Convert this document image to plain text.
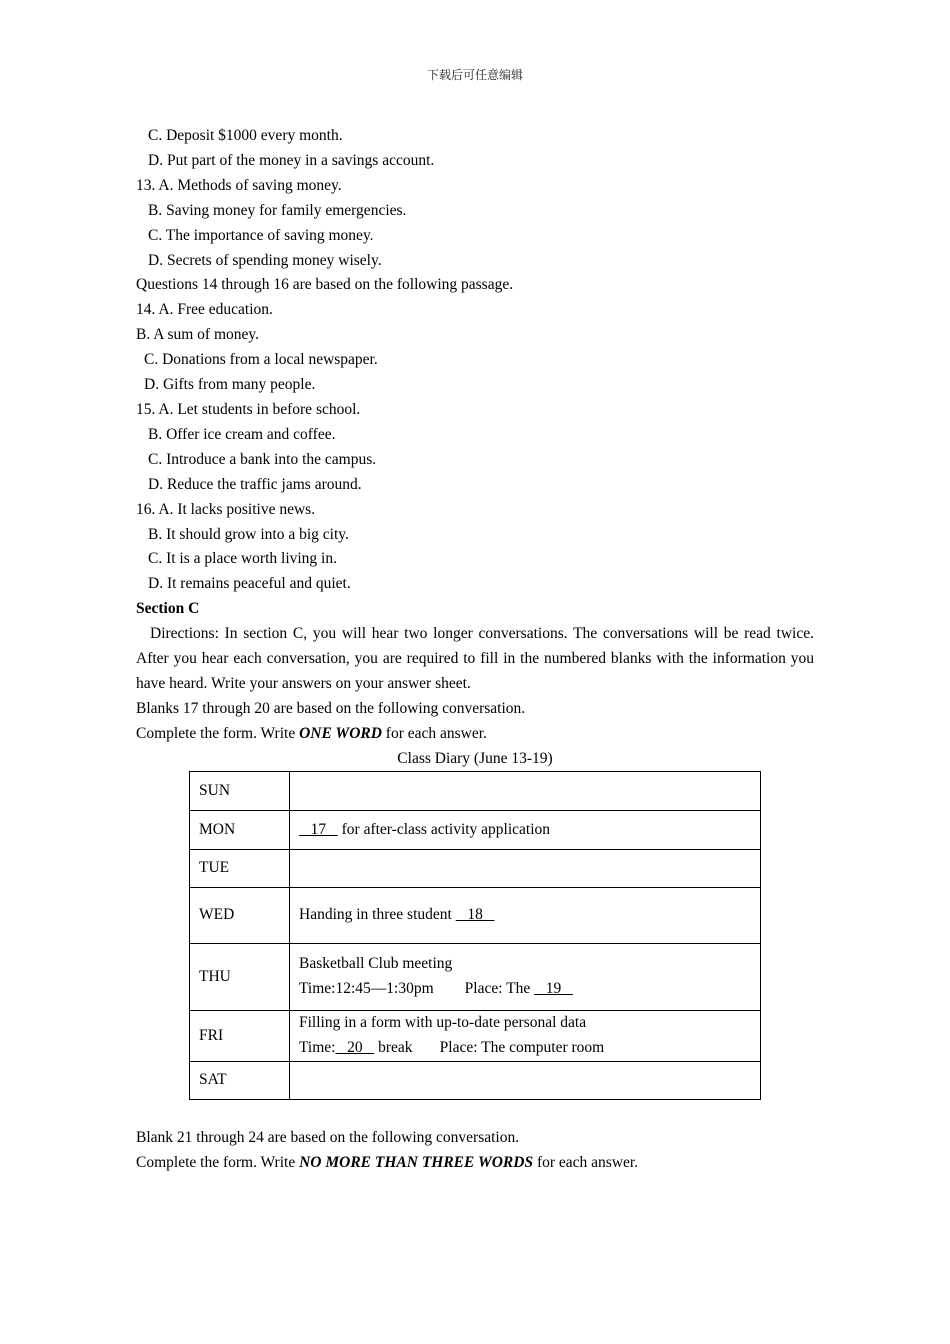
下载后可任意编辑
C. Deposit $1000 every month.
D. Put part of the money in a savings account.
13. A. Methods of saving money.
B. Saving money for family emergencies.
C. The importance of saving money.
D. Secrets of spending money wisely.
Questions 14 through 16 are based on the following passage.
14. A. Free education.
B. A sum of money.
C. Donations from a local newspaper.
D. Gifts from many people.
15. A. Let students in before school.
B. Offer ice cream and coffee.
C. Introduce a bank into the campus.
D. Reduce the traffic jams around.
16. A. It lacks positive news.
B. It should grow into a big city.
C. It is a place worth living in.
D. It remains peaceful and quiet.
Section C
Directions: In section C, you will hear two longer conversations. The conversations will be read twice. After you hear each conversation, you are required to fill in the numbered blanks with the information you have heard. Write your answers on your answer sheet.
Blanks 17 through 20 are based on the following conversation.
Complete the form. Write ONE WORD for each answer.
Class Diary (June 13-19)
SUN	
MON	17    for after-class activity application
TUE	
WED	Handing in three student    18
THU	Basketball Club meeting
Time:12:45—1:30pm        Place: The    19

FRI	Filling in a form with up-to-date personal data
Time:   20    break       Place: The computer room

SAT	
Blank 21 through 24 are based on the following conversation.
Complete the form. Write NO MORE THAN THREE WORDS for each answer.
